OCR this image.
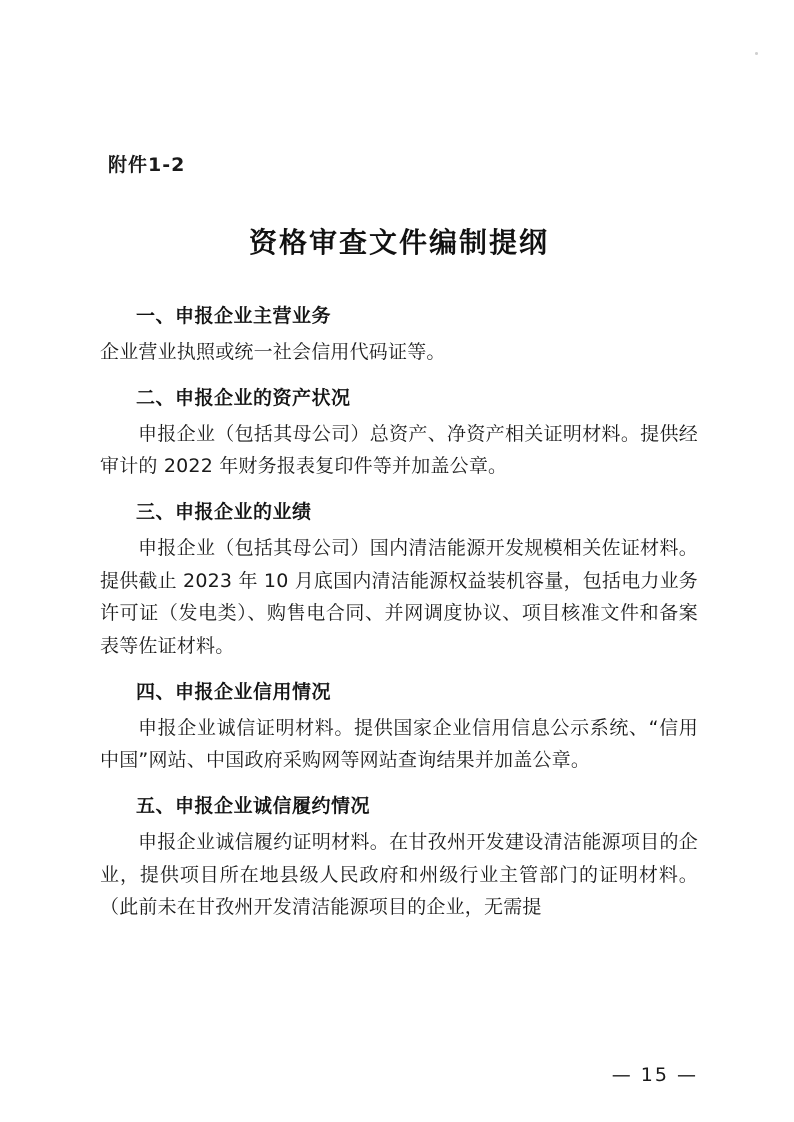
附件1-2
资格审查文件编制提纲
一、申报企业主营业务

企业营业执照或统一社会信用代码证等。

二、申报企业的资产状况

申报企业（包括其母公司）总资产、净资产相关证明材料。提供经审计的 2022 年财务报表复印件等并加盖公章。

三、申报企业的业绩

申报企业（包括其母公司）国内清洁能源开发规模相关佐证材料。提供截止 2023 年 10 月底国内清洁能源权益装机容量，包括电力业务许可证（发电类）、购售电合同、并网调度协议、项目核准文件和备案表等佐证材料。

四、申报企业信用情况

申报企业诚信证明材料。提供国家企业信用信息公示系统、“信用中国”网站、中国政府采购网等网站查询结果并加盖公章。

五、申报企业诚信履约情况

申报企业诚信履约证明材料。在甘孜州开发建设清洁能源项目的企业，提供项目所在地县级人民政府和州级行业主管部门的证明材料。（此前未在甘孜州开发清洁能源项目的企业，无需提

— 15 —
